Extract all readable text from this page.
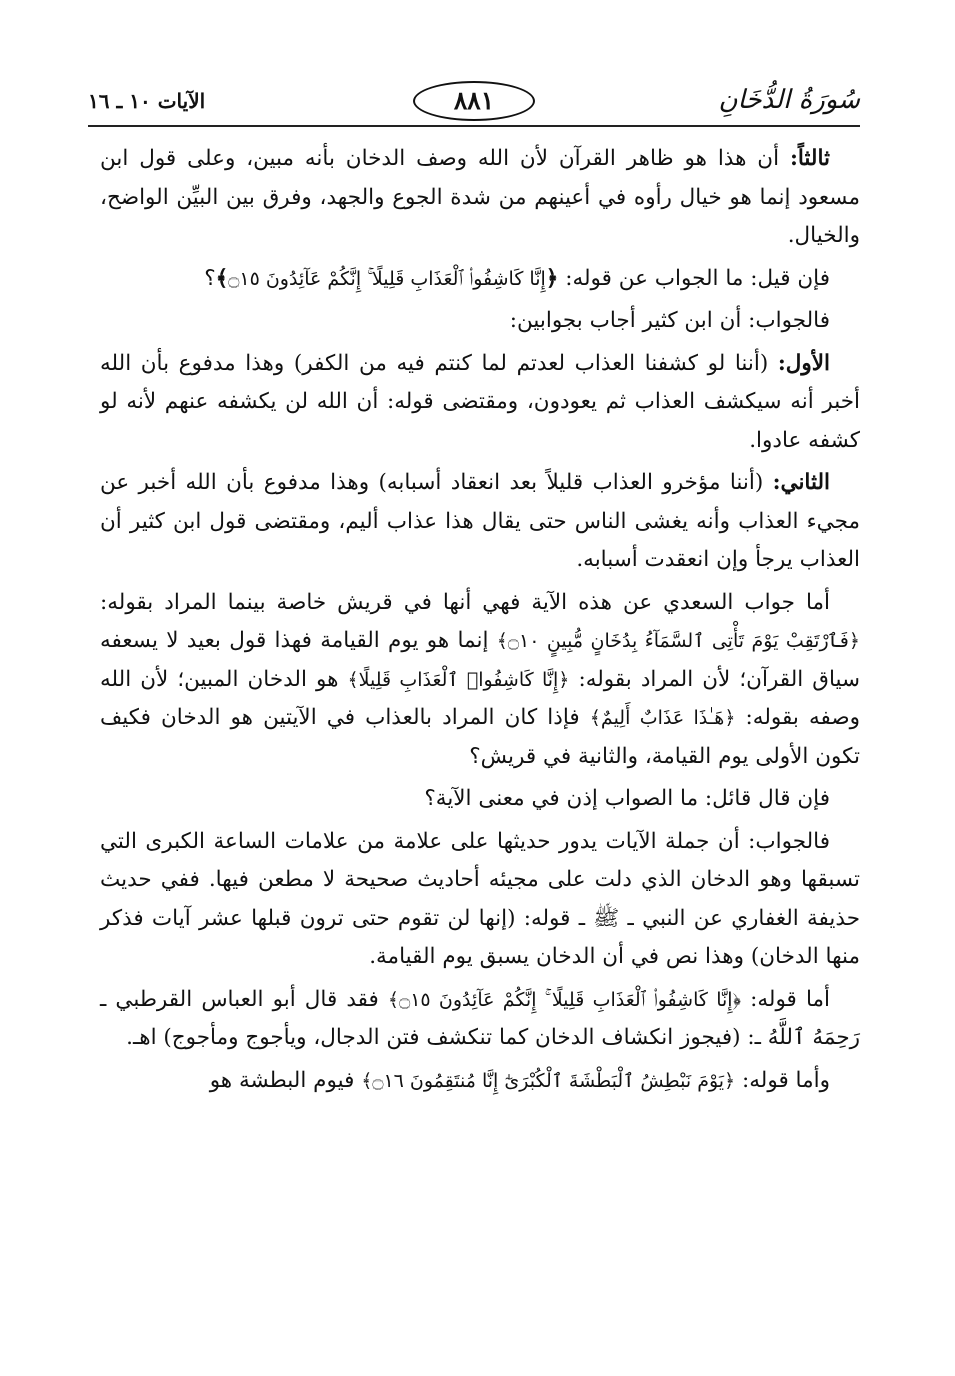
٨٨١	سُورَةُ الدُّخَانِ
الآيات ١٠ ـ ١٦

ثالثاً: أن هذا هو ظاهر القرآن لأن الله وصف الدخان بأنه مبين، وعلى قول ابن مسعود إنما هو خيال رأوه في أعينهم من شدة الجوع والجهد، وفرق بين البيِّن الواضح، والخيال.

فإن قيل: ما الجواب عن قوله: ﴿إِنَّا كَاشِفُوا۟ ٱلْعَذَابِ قَلِيلًا ۚ إِنَّكُمْ عَآئِدُونَ ۝١٥﴾؟

فالجواب: أن ابن كثير أجاب بجوابين:

الأول: (أننا لو كشفنا العذاب لعدتم لما كنتم فيه من الكفر) وهذا مدفوع بأن الله أخبر أنه سيكشف العذاب ثم يعودون، ومقتضى قوله: أن الله لن يكشفه عنهم لأنه لو كشفه عادوا.

الثاني: (أننا مؤخرو العذاب قليلاً بعد انعقاد أسبابه) وهذا مدفوع بأن الله أخبر عن مجيء العذاب وأنه يغشى الناس حتى يقال هذا عذاب أليم، ومقتضى قول ابن كثير أن العذاب يرجأ وإن انعقدت أسبابه.

أما جواب السعدي عن هذه الآية فهي أنها في قريش خاصة بينما المراد بقوله: ﴿فَٱرْتَقِبْ يَوْمَ تَأْتِى ٱلسَّمَآءُ بِدُخَانٍ مُّبِينٍ ۝١٠﴾ إنما هو يوم القيامة فهذا قول بعيد لا يسعفه سياق القرآن؛ لأن المراد بقوله: ﴿إِنَّا كَاشِفُوا۟ ٱلْعَذَابِ قَلِيلًا﴾ هو الدخان المبين؛ لأن الله وصفه بقوله: ﴿هَـٰذَا عَذَابٌ أَلِيمٌ﴾ فإذا كان المراد بالعذاب في الآيتين هو الدخان فكيف تكون الأولى يوم القيامة، والثانية في قريش؟

فإن قال قائل: ما الصواب إذن في معنى الآية؟

فالجواب: أن جملة الآيات يدور حديثها على علامة من علامات الساعة الكبرى التي تسبقها وهو الدخان الذي دلت على مجيئه أحاديث صحيحة لا مطعن فيها. ففي حديث حذيفة الغفاري عن النبي ـ ﷺ ـ قوله: (إنها لن تقوم حتى ترون قبلها عشر آيات فذكر منها الدخان) وهذا نص في أن الدخان يسبق يوم القيامة.

أما قوله: ﴿إِنَّا كَاشِفُوا۟ ٱلْعَذَابِ قَلِيلًا ۚ إِنَّكُمْ عَآئِدُونَ ۝١٥﴾ فقد قال أبو العباس القرطبي ـ رَحِمَهُ ٱللَّهُ ـ: (فيجوز انكشاف الدخان كما تنكشف فتن الدجال، ويأجوج ومأجوج) اهـ.

وأما قوله: ﴿يَوْمَ نَبْطِشُ ٱلْبَطْشَةَ ٱلْكُبْرَىٰٓ إِنَّا مُنتَقِمُونَ ۝١٦﴾ فيوم البطشة هو
